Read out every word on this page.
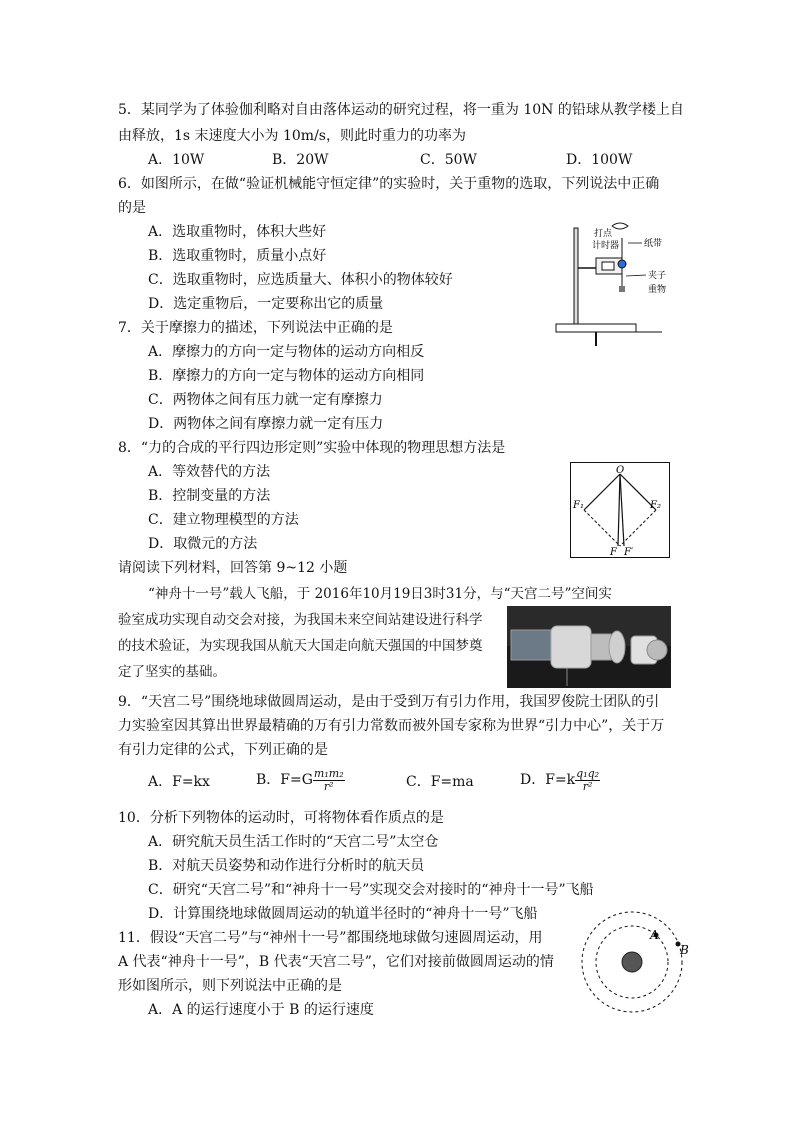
5．某同学为了体验伽利略对自由落体运动的研究过程，将一重为 10N 的铅球从教学楼上自
由释放，1s 末速度大小为 10m/s，则此时重力的功率为
A．10W	B．20W	C．50W	D．100W
6．如图所示，在做“验证机械能守恒定律”的实验时，关于重物的选取，下列说法中正确
的是
A．选取重物时，体积大些好
B．选取重物时，质量小点好
C．选取重物时，应选质量大、体积小的物体较好
D．选定重物后，一定要称出它的质量
打点
计时器	纸带
夹子
重物
7．关于摩擦力的描述，下列说法中正确的是
A．摩擦力的方向一定与物体的运动方向相反
B．摩擦力的方向一定与物体的运动方向相同
C．两物体之间有压力就一定有摩擦力
D．两物体之间有摩擦力就一定有压力
8．“力的合成的平行四边形定则”实验中体现的物理思想方法是
A．等效替代的方法
B．控制变量的方法
C．建立物理模型的方法
D．取微元的方法
O
F₁	F₂
F F′
请阅读下列材料，回答第 9~12 小题
“神舟十一号”载人飞船，于 2016年10月19日3时31分，与“天宫二号”空间实
验室成功实现自动交会对接，为我国未来空间站建设进行科学
的技术验证，为实现我国从航天大国走向航天强国的中国梦奠
定了坚实的基础。
9．“天宫二号”围绕地球做圆周运动，是由于受到万有引力作用，我国罗俊院士团队的引
力实验室因其算出世界最精确的万有引力常数而被外国专家称为世界“引力中心”，关于万
有引力定律的公式，下列正确的是
A．F=kx	B．$F=G \frac{\text{m₁m₂}}{\text{r²}}$	C．F=ma	D．$F=k \frac{\text{q₁q₂}}{\text{r²}}$
10．分析下列物体的运动时，可将物体看作质点的是
A．研究航天员生活工作时的“天宫二号”太空仓
B．对航天员姿势和动作进行分析时的航天员
C．研究“天宫二号”和“神舟十一号”实现交会对接时的“神舟十一号”飞船
D．计算围绕地球做圆周运动的轨道半径时的“神舟十一号”飞船
11．假设“天宫二号”与“神州十一号”都围绕地球做匀速圆周运动，用
A 代表“神舟十一号”，B 代表“天宫二号”，它们对接前做圆周运动的情
形如图所示，则下列说法中正确的是
A．A 的运行速度小于 B 的运行速度
A
B
